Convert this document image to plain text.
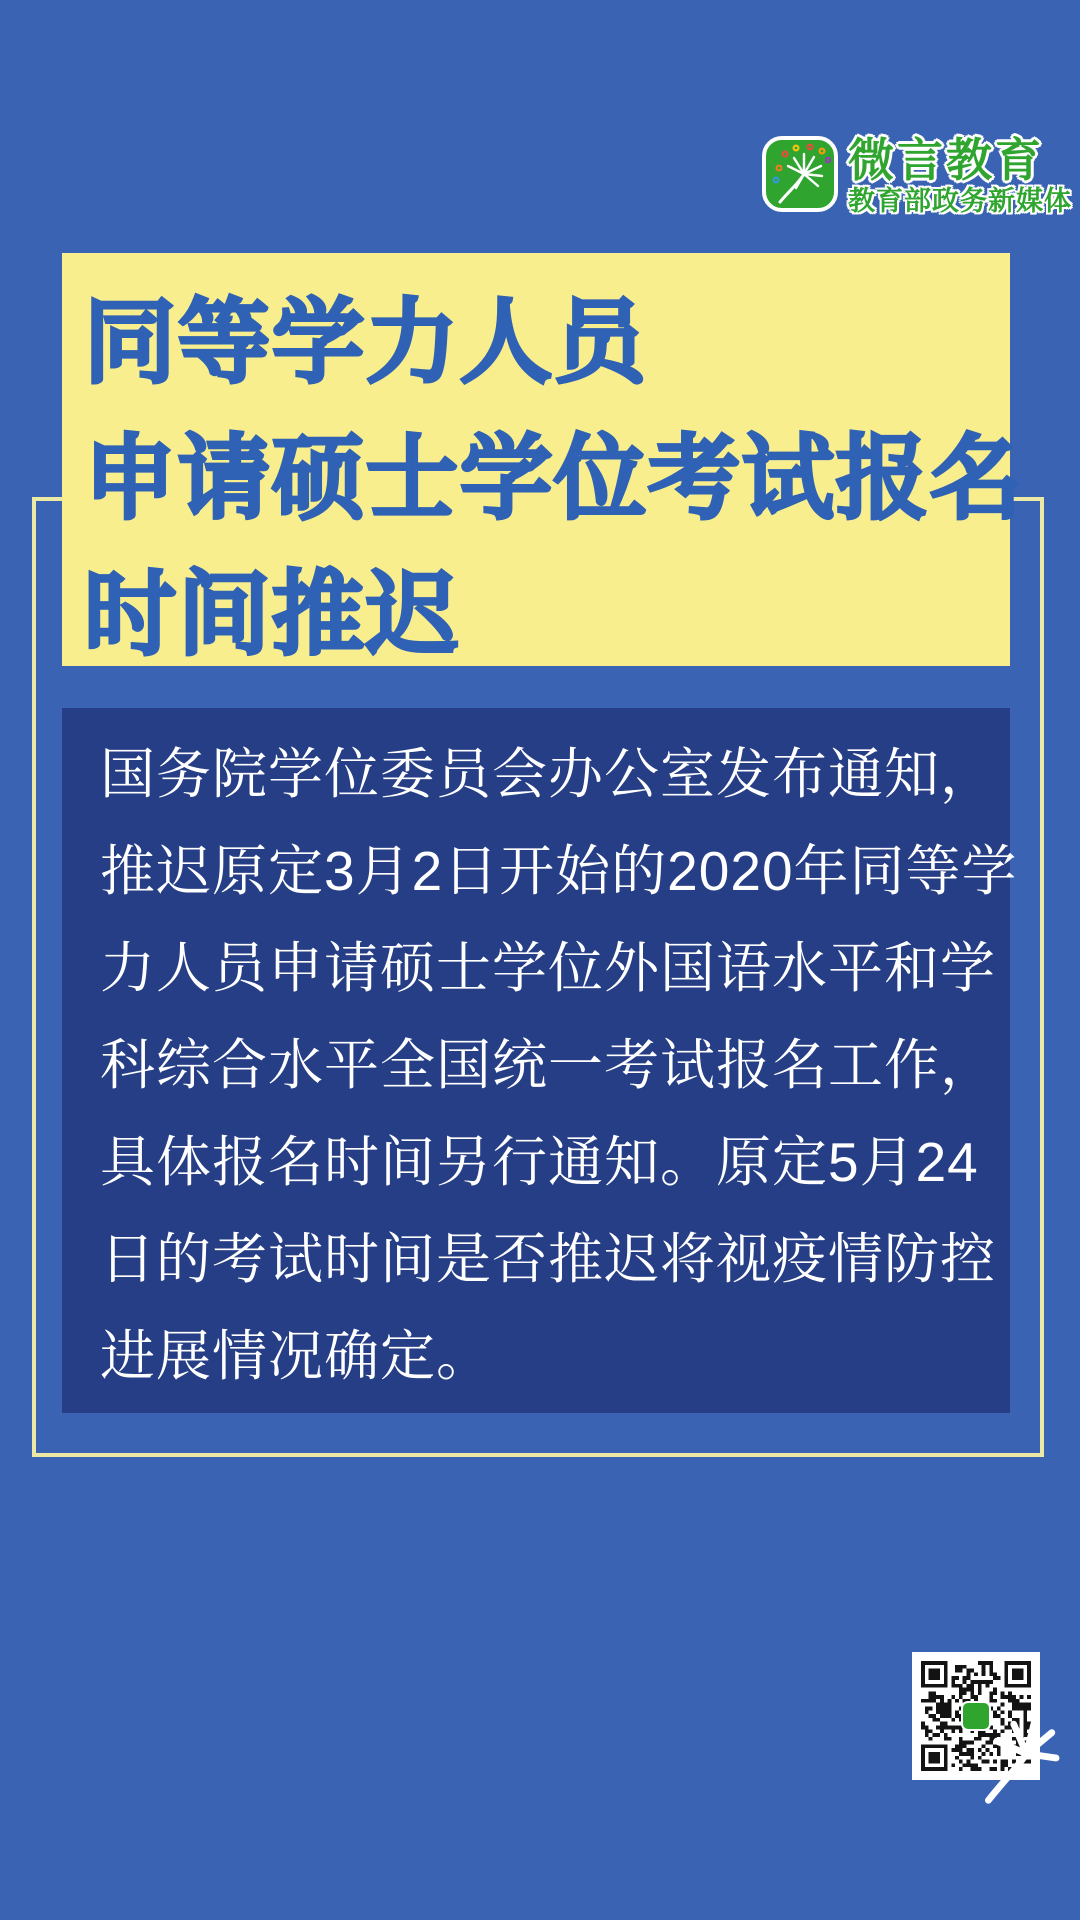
微言教育
教育部政务新媒体
同等学力人员
申请硕士学位考试报名
时间推迟
国务院学位委员会办公室发布通知，
推迟原定3月2日开始的2020年同等学
力人员申请硕士学位外国语水平和学
科综合水平全国统一考试报名工作，
具体报名时间另行通知。原定5月24
日的考试时间是否推迟将视疫情防控
进展情况确定。
